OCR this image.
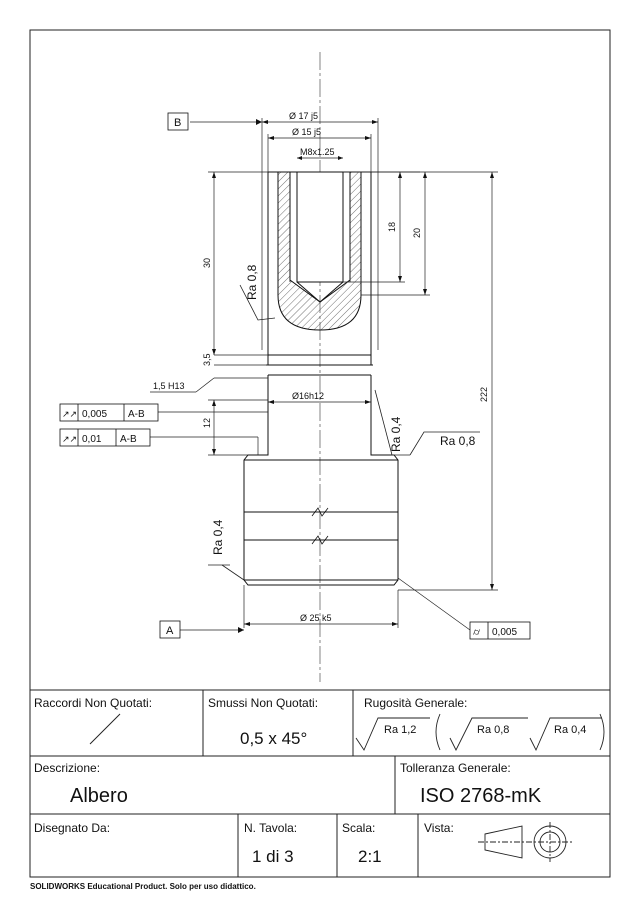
Ø 17 j5
Ø 15 j5
M8x1.25
30
18
20
222
3,5
1,5 H13
Ø16h12
12
Ø 25 k5
Ra 0,8
Ra 0,4	Ra 0,8
Ra 0,4
B
A
↗↗ 0,005 A-B
↗↗ 0,01 A-B
⌭ 0,005
Raccordi Non Quotati:	Smussi Non Quotati:
0,5 x 45°
Rugosità Generale:
Ra 1,2	Ra 0,8	Ra 0,4
Descrizione:
Albero
Tolleranza Generale:
ISO 2768-mK
Disegnato Da:	N. Tavola:
1 di 3
Scala:
2:1
Vista:
SOLIDWORKS Educational Product. Solo per uso didattico.
